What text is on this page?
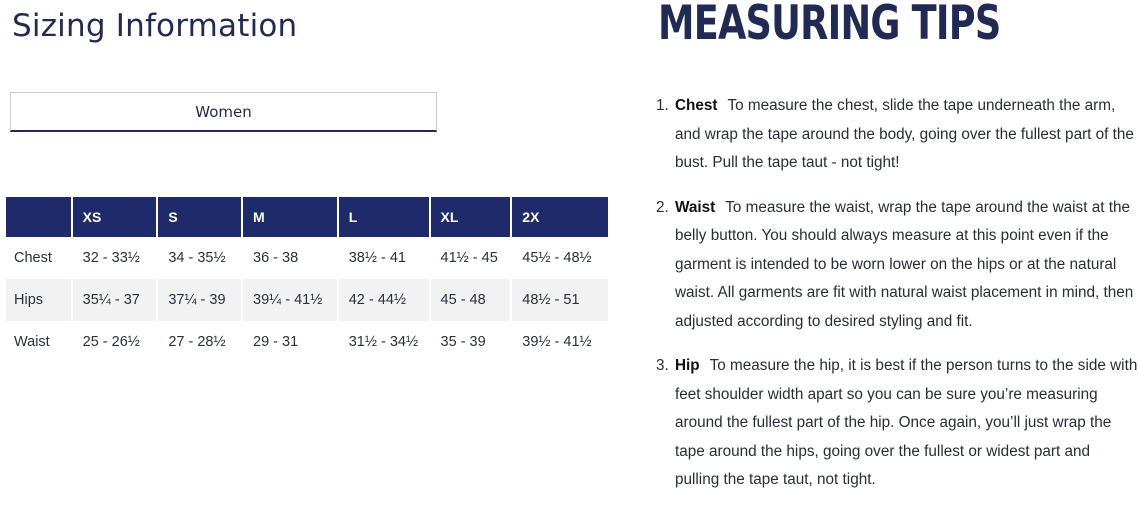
Sizing Information
Women
	XS	S	M	L	XL	2X
Chest	32 - 33½	34 - 35½	36 - 38	38½ - 41	41½ - 45	45½ - 48½
Hips	35¼ - 37	37¼ - 39	39¼ - 41½	42 - 44½	45 - 48	48½ - 51
Waist	25 - 26½	27 - 28½	29 - 31	31½ - 34½	35 - 39	39½ - 41½
MEASURING TIPS
1. Chest To measure the chest, slide the tape underneath the arm, and wrap the tape around the body, going over the fullest part of the bust. Pull the tape taut - not tight!
2. Waist To measure the waist, wrap the tape around the waist at the belly button. You should always measure at this point even if the garment is intended to be worn lower on the hips or at the natural waist. All garments are fit with natural waist placement in mind, then adjusted according to desired styling and fit.
3. Hip To measure the hip, it is best if the person turns to the side with feet shoulder width apart so you can be sure you’re measuring around the fullest part of the hip. Once again, you’ll just wrap the tape around the hips, going over the fullest or widest part and pulling the tape taut, not tight.
